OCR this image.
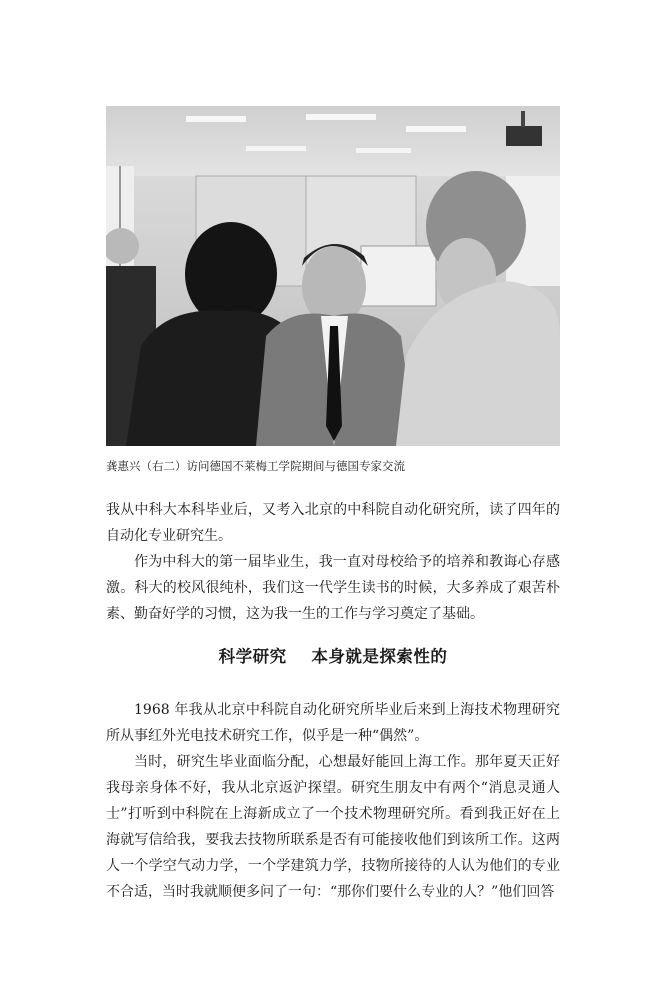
龚惠兴（右二）访问德国不莱梅工学院期间与德国专家交流

我从中科大本科毕业后，又考入北京的中科院自动化研究所，读了四年的自动化专业研究生。

作为中科大的第一届毕业生，我一直对母校给予的培养和教诲心存感激。科大的校风很纯朴，我们这一代学生读书的时候，大多养成了艰苦朴素、勤奋好学的习惯，这为我一生的工作与学习奠定了基础。

科学研究 本身就是探索性的

1968 年我从北京中科院自动化研究所毕业后来到上海技术物理研究所从事红外光电技术研究工作，似乎是一种“偶然”。

当时，研究生毕业面临分配，心想最好能回上海工作。那年夏天正好我母亲身体不好，我从北京返沪探望。研究生朋友中有两个“消息灵通人士”打听到中科院在上海新成立了一个技术物理研究所。看到我正好在上海就写信给我，要我去技物所联系是否有可能接收他们到该所工作。这两人一个学空气动力学，一个学建筑力学，技物所接待的人认为他们的专业不合适，当时我就顺便多问了一句：“那你们要什么专业的人？”他们回答
